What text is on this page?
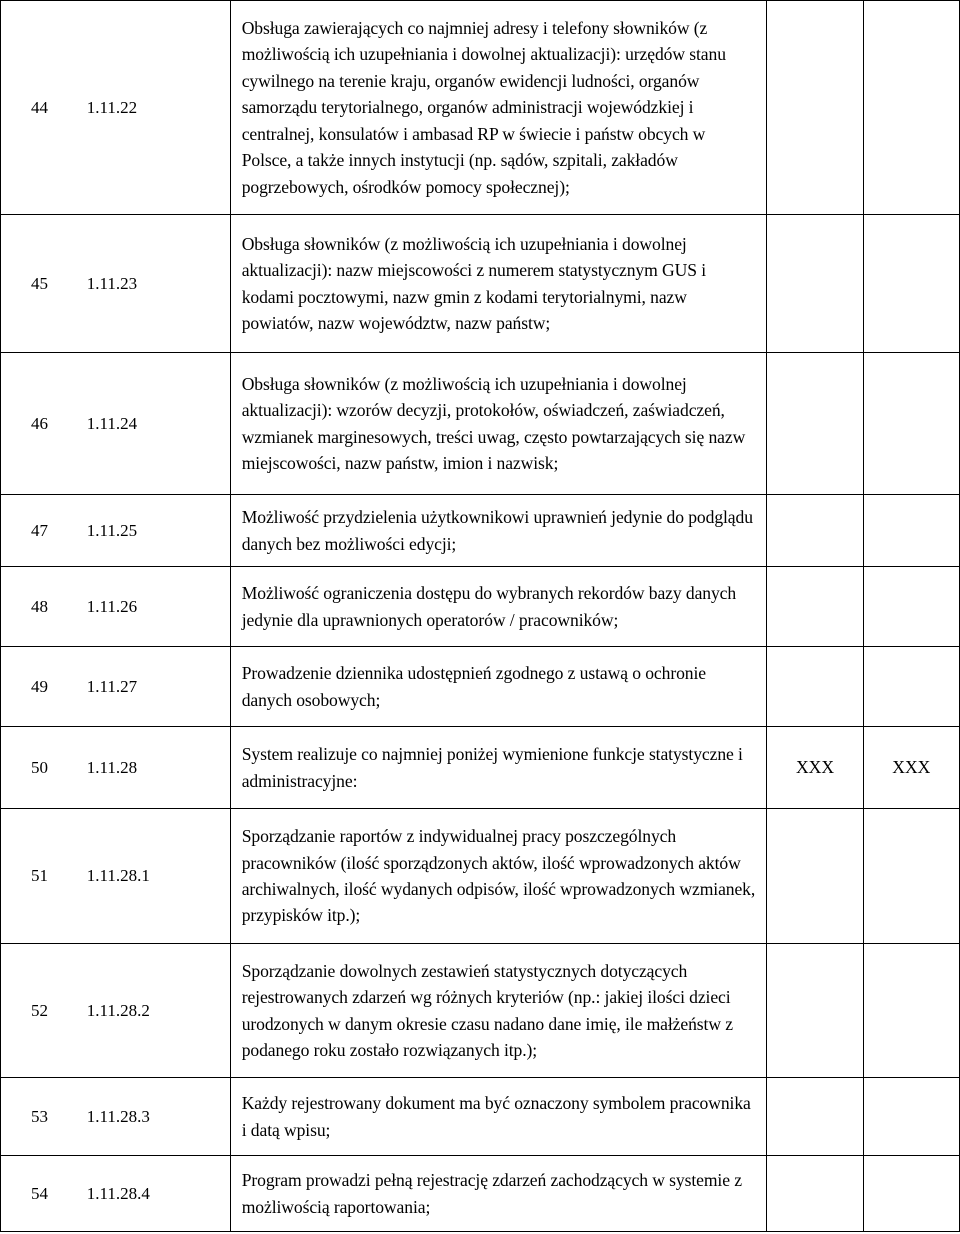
44	1.11.22	Obsługa zawierających co najmniej adresy i telefony słowników (z możliwością ich uzupełniania i dowolnej aktualizacji): urzędów stanu cywilnego na terenie kraju, organów ewidencji ludności, organów samorządu terytorialnego, organów administracji wojewódzkiej i centralnej, konsulatów i ambasad RP w świecie i państw obcych w Polsce, a także innych instytucji (np. sądów, szpitali, zakładów pogrzebowych, ośrodków pomocy społecznej);		
45	1.11.23	Obsługa słowników (z możliwością ich uzupełniania i dowolnej aktualizacji): nazw miejscowości z numerem statystycznym GUS i kodami pocztowymi, nazw gmin z kodami terytorialnymi, nazw powiatów, nazw województw, nazw państw;		
46	1.11.24	Obsługa słowników (z możliwością ich uzupełniania i dowolnej aktualizacji): wzorów decyzji, protokołów, oświadczeń, zaświadczeń, wzmianek marginesowych, treści uwag, często powtarzających się nazw miejscowości, nazw państw, imion i nazwisk;		
47	1.11.25	Możliwość przydzielenia użytkownikowi uprawnień jedynie do podglądu danych bez możliwości edycji;		
48	1.11.26	Możliwość ograniczenia dostępu do wybranych rekordów bazy danych jedynie dla uprawnionych operatorów / pracowników;		
49	1.11.27	Prowadzenie dziennika udostępnień zgodnego z ustawą o ochronie danych osobowych;		
50	1.11.28	System realizuje co najmniej poniżej wymienione funkcje statystyczne i administracyjne:	XXX	XXX
51	1.11.28.1	Sporządzanie raportów z indywidualnej pracy poszczególnych pracowników (ilość sporządzonych aktów, ilość wprowadzonych aktów archiwalnych, ilość wydanych odpisów, ilość wprowadzonych wzmianek, przypisków itp.);		
52	1.11.28.2	Sporządzanie dowolnych zestawień statystycznych dotyczących rejestrowanych zdarzeń wg różnych kryteriów (np.: jakiej ilości dzieci urodzonych w danym okresie czasu nadano dane imię, ile małżeństw z podanego roku zostało rozwiązanych itp.);		
53	1.11.28.3	Każdy rejestrowany dokument ma być oznaczony symbolem pracownika i datą wpisu;		
54	1.11.28.4	Program prowadzi pełną rejestrację zdarzeń zachodzących w systemie z możliwością raportowania;		
